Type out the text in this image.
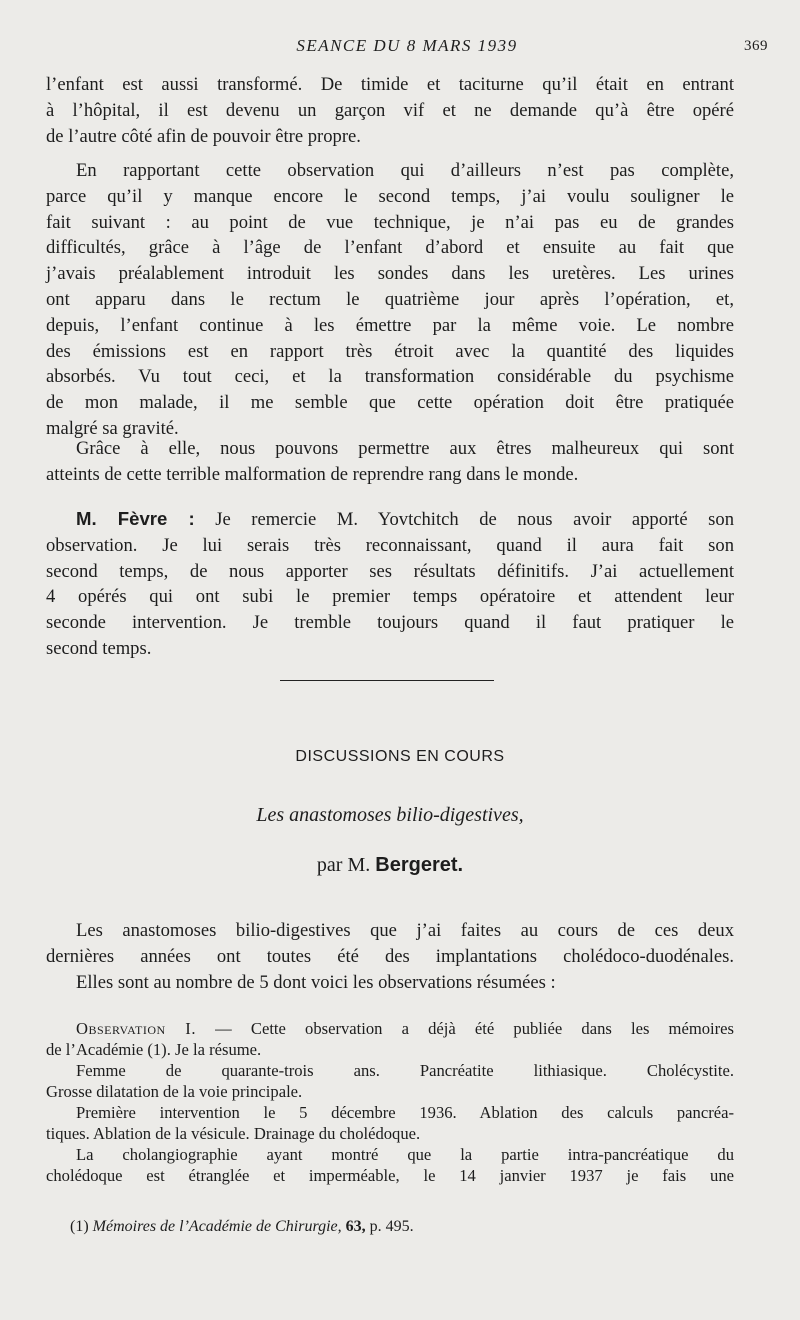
SEANCE DU 8 MARS 1939	369
l’enfant est aussi transformé. De timide et taciturne qu’il était en entrant
à l’hôpital, il est devenu un garçon vif et ne demande qu’à être opéré
de l’autre côté afin de pouvoir être propre.
En rapportant cette observation qui d’ailleurs n’est pas complète,
parce qu’il y manque encore le second temps, j’ai voulu souligner le
fait suivant : au point de vue technique, je n’ai pas eu de grandes
difficultés, grâce à l’âge de l’enfant d’abord et ensuite au fait que
j’avais préalablement introduit les sondes dans les uretères. Les urines
ont apparu dans le rectum le quatrième jour après l’opération, et,
depuis, l’enfant continue à les émettre par la même voie. Le nombre
des émissions est en rapport très étroit avec la quantité des liquides
absorbés. Vu tout ceci, et la transformation considérable du psychisme
de mon malade, il me semble que cette opération doit être pratiquée
malgré sa gravité.
Grâce à elle, nous pouvons permettre aux êtres malheureux qui sont
atteints de cette terrible malformation de reprendre rang dans le monde.
M. Fèvre : Je remercie M. Yovtchitch de nous avoir apporté son
observation. Je lui serais très reconnaissant, quand il aura fait son
second temps, de nous apporter ses résultats définitifs. J’ai actuellement
4 opérés qui ont subi le premier temps opératoire et attendent leur
seconde intervention. Je tremble toujours quand il faut pratiquer le
second temps.
DISCUSSIONS EN COURS
Les anastomoses bilio-digestives,
par M. Bergeret.
Les anastomoses bilio-digestives que j’ai faites au cours de ces deux
dernières années ont toutes été des implantations cholédoco-duodénales.
Elles sont au nombre de 5 dont voici les observations résumées :
Observation I. — Cette observation a déjà été publiée dans les mémoires
de l’Académie (1). Je la résume.
Femme de quarante-trois ans. Pancréatite lithiasique. Cholécystite.
Grosse dilatation de la voie principale.
Première intervention le 5 décembre 1936. Ablation des calculs pancréa-
tiques. Ablation de la vésicule. Drainage du cholédoque.
La cholangiographie ayant montré que la partie intra-pancréatique du
cholédoque est étranglée et imperméable, le 14 janvier 1937 je fais une
(1) Mémoires de l’Académie de Chirurgie, 63, p. 495.
